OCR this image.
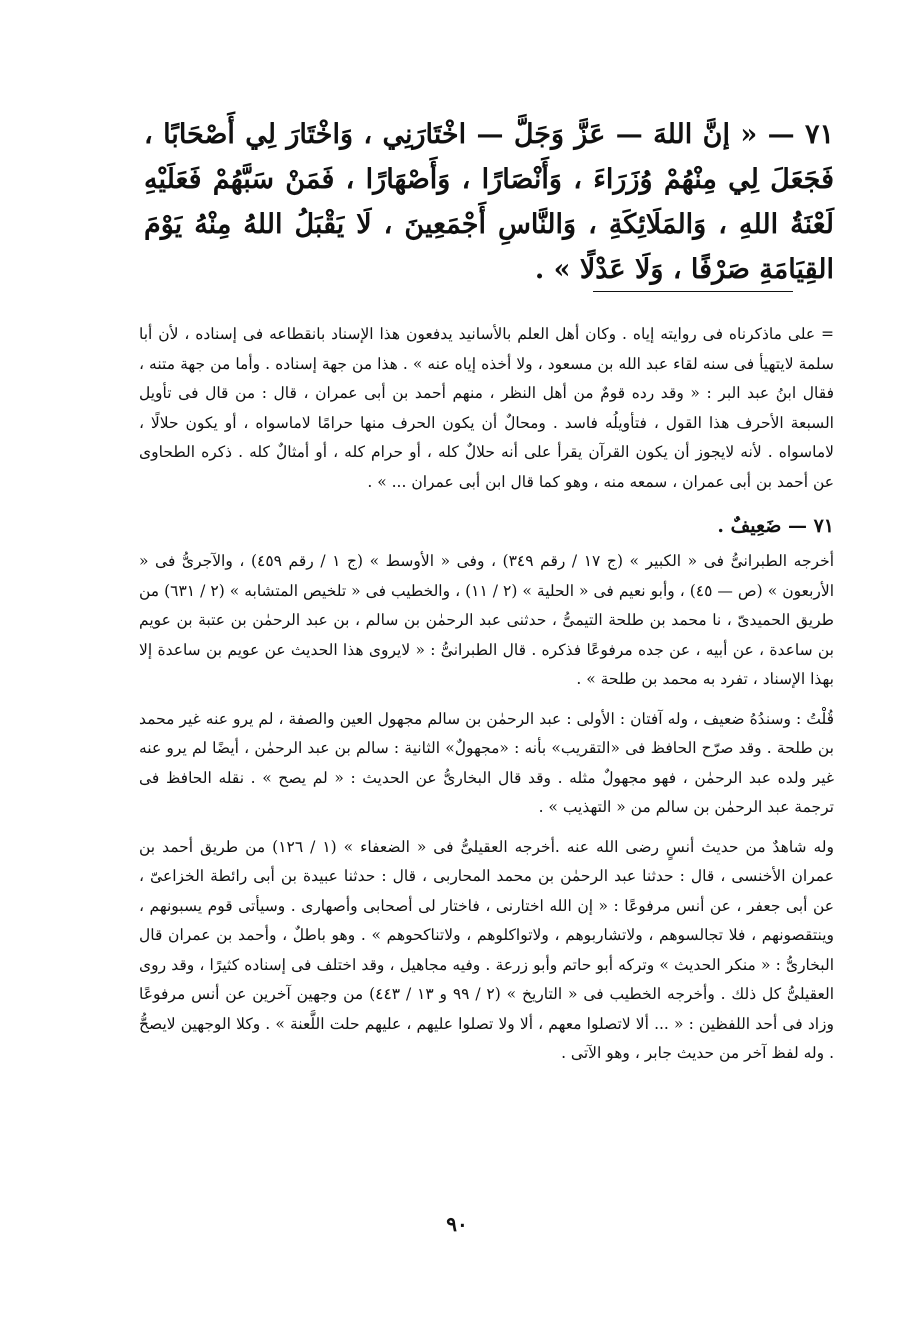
٧١ — « إنَّ اللهَ — عَزَّ وَجَلَّ — اخْتَارَنِي ، وَاخْتَارَ لِي أَصْحَابًا ، فَجَعَلَ لِي مِنْهُمْ وُزَرَاءَ ، وَأَنْصَارًا ، وَأَصْهَارًا ، فَمَنْ سَبَّهُمْ فَعَلَيْهِ لَعْنَةُ اللهِ ، وَالمَلَائِكَةِ ، وَالنَّاسِ أَجْمَعِينَ ، لَا يَقْبَلُ اللهُ مِنْهُ يَوْمَ القِيَامَةِ صَرْفًا ، وَلَا عَدْلًا » .

= على ماذكرناه فى روايته إياه . وكان أهل العلم بالأسانيد يدفعون هذا الإسناد بانقطاعه فى إسناده ، لأن أبا سلمة لايتهيأ فى سنه لقاء عبد الله بن مسعود ، ولا أخذه إياه عنه » . هذا من جهة إسناده . وأما من جهة متنه ، فقال ابنُ عبد البر : « وقد رده قومٌ من أهل النظر ، منهم أحمد بن أبى عمران ، قال : من قال فى تأويل السبعة الأحرف هذا القول ، فتأويلُه فاسد . ومحالٌ أن يكون الحرف منها حرامًا لاماسواه ، أو يكون حلالًا ، لاماسواه . لأنه لايجوز أن يكون القرآن يقرأ على أنه حلالٌ كله ، أو حرام كله ، أو أمثالٌ كله . ذكره الطحاوى عن أحمد بن أبى عمران ، سمعه منه ، وهو كما قال ابن أبى عمران ... » .

٧١ — ضَعِيفٌ .

أخرجه الطبرانىُّ فى « الكبير » (ج ١٧ / رقم ٣٤٩) ، وفى « الأوسط » (ج ١ / رقم ٤٥٩) ، والآجرىُّ فى « الأربعون » (ص — ٤٥) ، وأبو نعيم فى « الحلية » (٢ / ١١) ، والخطيب فى « تلخيص المتشابه » (٢ / ٦٣١) من طريق الحميدىّ ، نا محمد بن طلحة التيمىُّ ، حدثنى عبد الرحمٰن بن سالم ، بن عبد الرحمٰن بن عتبة بن عويم بن ساعدة ، عن أبيه ، عن جده مرفوعًا فذكره . قال الطبرانىُّ : « لايروى هذا الحديث عن عويم بن ساعدة إلا بهذا الإسناد ، تفرد به محمد بن طلحة » .

قُلْتُ : وسندُهُ ضعيف ، وله آفتان : الأولى : عبد الرحمٰن بن سالم مجهول العين والصفة ، لم يرو عنه غير محمد بن طلحة . وقد صرّح الحافظ فى «التقريب» بأنه : «مجهولٌ» الثانية : سالم بن عبد الرحمٰن ، أيضًا لم يرو عنه غير ولده عبد الرحمٰن ، فهو مجهولٌ مثله . وقد قال البخارىُّ عن الحديث : « لم يصح » . نقله الحافظ فى ترجمة عبد الرحمٰن بن سالم من « التهذيب » .

وله شاهدٌ من حديث أنسٍ رضى الله عنه .أخرجه العقيلىُّ فى « الضعفاء » (١ / ١٢٦) من طريق أحمد بن عمران الأخنسى ، قال : حدثنا عبد الرحمٰن بن محمد المحاربى ، قال : حدثنا عبيدة بن أبى رائطة الخزاعىّ ، عن أبى جعفر ، عن أنس مرفوعًا : « إن الله اختارنى ، فاختار لى أصحابى وأصهارى . وسيأتى قوم يسبونهم ، وينتقصونهم ، فلا تجالسوهم ، ولاتشاربوهم ، ولاتواكلوهم ، ولاتناكحوهم » . وهو باطلٌ ، وأحمد بن عمران قال البخارىُّ : « منكر الحديث » وتركه أبو حاتم وأبو زرعة . وفيه مجاهيل ، وقد اختلف فى إسناده كثيرًا ، وقد روى العقيلىُّ كل ذلك . وأخرجه الخطيب فى « التاريخ » (٢ / ٩٩ و ١٣ / ٤٤٣) من وجهين آخرين عن أنس مرفوعًا وزاد فى أحد اللفظين : « ... ألا لاتصلوا معهم ، ألا ولا تصلوا عليهم ، عليهم حلت اللَّعنة » . وكلا الوجهين لايصحُّ . وله لفظ آخر من حديث جابر ، وهو الآتى .

٩٠
